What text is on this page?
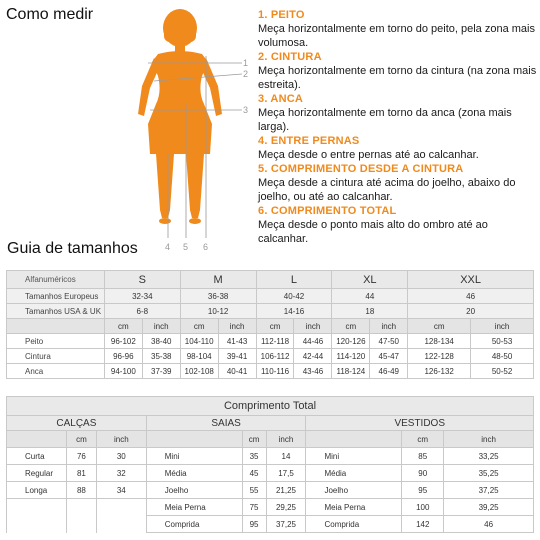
Como medir
1
2
3
4 5 6
1. PEITO
Meça horizontalmente em torno do peito, pela zona mais volumosa.
2. CINTURA
Meça horizontalmente em torno da cintura (na zona mais estreita).
3. ANCA
Meça horizontalmente em torno da anca (zona mais larga).
4. ENTRE PERNAS
Meça desde o entre pernas até ao calcanhar.
5. COMPRIMENTO DESDE A CINTURA
Meça desde a cintura até acima do joelho, abaixo do joelho, ou até ao calcanhar.
6. COMPRIMENTO TOTAL
Meça desde o ponto mais alto do ombro até ao calcanhar.
Guia de tamanhos
Alfanuméricos	S		M		L		XL		XXL	
Tamanhos Europeus	32-34		36-38		40-42		44		46	
Tamanhos USA & UK	6-8		10-12		14-16		18		20	
	cm	inch	cm	inch	cm	inch	cm	inch	cm	inch
Peito	96-102	38-40	104-110	41-43	112-118	44-46	120-126	47-50	128-134	50-53
Cintura	96-96	35-38	98-104	39-41	106-112	42-44	114-120	45-47	122-128	48-50
Anca	94-100	37-39	102-108	40-41	110-116	43-46	118-124	46-49	126-132	50-52
Comprimento Total								
CALÇAS			SAIAS			VESTIDOS		
	cm	inch		cm	inch		cm	inch
Curta	76	30	Mini	35	14	Mini	85	33,25
Regular	81	32	Média	45	17,5	Média	90	35,25
Longa	88	34	Joelho	55	21,25	Joelho	95	37,25
			Meia Perna	75	29,25	Meia Perna	100	39,25
			Comprida	95	37,25	Comprida	142	46
